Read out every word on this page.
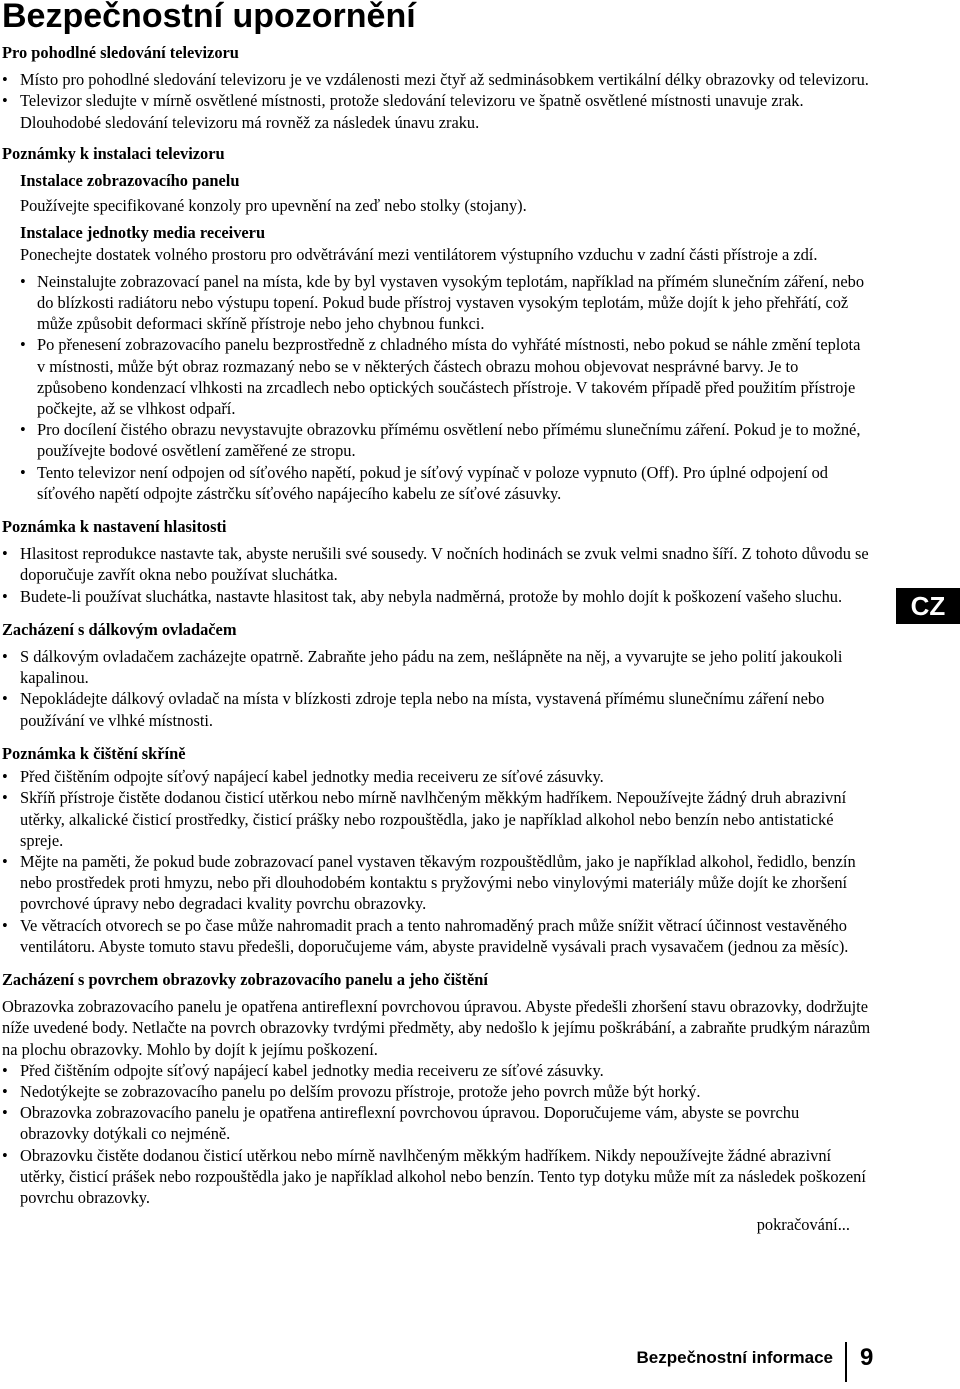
Bezpečnostní upozornění
Pro pohodlné sledování televizoru
• Místo pro pohodlné sledování televizoru je ve vzdálenosti mezi čtyř až sedminásobkem vertikální délky obrazovky od televizoru.
• Televizor sledujte v mírně osvětlené místnosti, protože sledování televizoru ve špatně osvětlené místnosti unavuje zrak. Dlouhodobé sledování televizoru má rovněž za následek únavu zraku.
Poznámky k instalaci televizoru
Instalace zobrazovacího panelu

Používejte specifikované konzoly pro upevnění na zeď nebo stolky (stojany).

Instalace jednotky media receiveru

Ponechejte dostatek volného prostoru pro odvětrávání mezi ventilátorem výstupního vzduchu v zadní části přístroje a zdí.

• Neinstalujte zobrazovací panel na místa, kde by byl vystaven vysokým teplotám, například na přímém slunečním záření, nebo do blízkosti radiátoru nebo výstupu topení. Pokud bude přístroj vystaven vysokým teplotám, může dojít k jeho přehřátí, což může způsobit deformaci skříně přístroje nebo jeho chybnou funkci.
• Po přenesení zobrazovacího panelu bezprostředně z chladného místa do vyhřáté místnosti, nebo pokud se náhle změní teplota v místnosti, může být obraz rozmazaný nebo se v některých částech obrazu mohou objevovat nesprávné barvy. Je to způsobeno kondenzací vlhkosti na zrcadlech nebo optických součástech přístroje. V takovém případě před použitím přístroje počkejte, až se vlhkost odpaří.
• Pro docílení čistého obrazu nevystavujte obrazovku přímému osvětlení nebo přímému slunečnímu záření. Pokud je to možné, používejte bodové osvětlení zaměřené ze stropu.
• Tento televizor není odpojen od síťového napětí, pokud je síťový vypínač v poloze vypnuto (Off). Pro úplné odpojení od síťového napětí odpojte zástrčku síťového napájecího kabelu ze síťové zásuvky.
Poznámka k nastavení hlasitosti
• Hlasitost reprodukce nastavte tak, abyste nerušili své sousedy. V nočních hodinách se zvuk velmi snadno šíří. Z tohoto důvodu se doporučuje zavřít okna nebo používat sluchátka.
• Budete-li používat sluchátka, nastavte hlasitost tak, aby nebyla nadměrná, protože by mohlo dojít k poškození vašeho sluchu.
Zacházení s dálkovým ovladačem
• S dálkovým ovladačem zacházejte opatrně. Zabraňte jeho pádu na zem, nešlápněte na něj, a vyvarujte se jeho polití jakoukoli kapalinou.
• Nepokládejte dálkový ovladač na místa v blízkosti zdroje tepla nebo na místa, vystavená přímému slunečnímu záření nebo používání ve vlhké místnosti.
Poznámka k čištění skříně
• Před čištěním odpojte síťový napájecí kabel jednotky media receiveru ze síťové zásuvky.
• Skříň přístroje čistěte dodanou čisticí utěrkou nebo mírně navlhčeným měkkým hadříkem. Nepoužívejte žádný druh abrazivní utěrky, alkalické čisticí prostředky, čisticí prášky nebo rozpouštědla, jako je například alkohol nebo benzín nebo antistatické spreje.
• Mějte na paměti, že pokud bude zobrazovací panel vystaven těkavým rozpouštědlům, jako je například alkohol, ředidlo, benzín nebo prostředek proti hmyzu, nebo při dlouhodobém kontaktu s pryžovými nebo vinylovými materiály může dojít ke zhoršení povrchové úpravy nebo degradaci kvality povrchu obrazovky.
• Ve větracích otvorech se po čase může nahromadit prach a tento nahromaděný prach může snížit větrací účinnost vestavěného ventilátoru. Abyste tomuto stavu předešli, doporučujeme vám, abyste pravidelně vysávali prach vysavačem (jednou za měsíc).
Zacházení s povrchem obrazovky zobrazovacího panelu a jeho čištění

Obrazovka zobrazovacího panelu je opatřena antireflexní povrchovou úpravou. Abyste předešli zhoršení stavu obrazovky, dodržujte níže uvedené body. Netlačte na povrch obrazovky tvrdými předměty, aby nedošlo k jejímu poškrábání, a zabraňte prudkým nárazům na plochu obrazovky. Mohlo by dojít k jejímu poškození.

• Před čištěním odpojte síťový napájecí kabel jednotky media receiveru ze síťové zásuvky.
• Nedotýkejte se zobrazovacího panelu po delším provozu přístroje, protože jeho povrch může být horký.
• Obrazovka zobrazovacího panelu je opatřena antireflexní povrchovou úpravou. Doporučujeme vám, abyste se povrchu obrazovky dotýkali co nejméně.
• Obrazovku čistěte dodanou čisticí utěrkou nebo mírně navlhčeným měkkým hadříkem. Nikdy nepoužívejte žádné abrazivní utěrky, čisticí prášek nebo rozpouštědla jako je například alkohol nebo benzín. Tento typ dotyku může mít za následek poškození povrchu obrazovky.
pokračování...
CZ
Bezpečnostní informace 9
